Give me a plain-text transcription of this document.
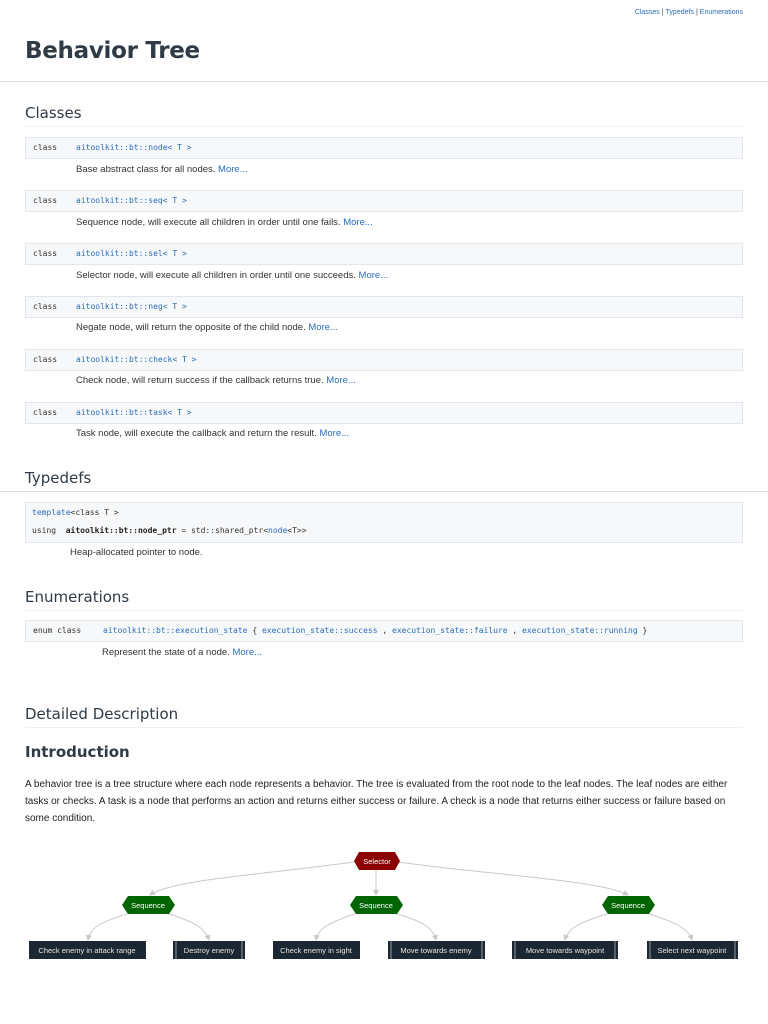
Classes | Typedefs | Enumerations
Behavior Tree
Classes
class aitoolkit::bt::node< T >
Base abstract class for all nodes. More...
class aitoolkit::bt::seq< T >
Sequence node, will execute all children in order until one fails. More...
class aitoolkit::bt::sel< T >
Selector node, will execute all children in order until one succeeds. More...
class aitoolkit::bt::neg< T >
Negate node, will return the opposite of the child node. More...
class aitoolkit::bt::check< T >
Check node, will return success if the callback returns true. More...
class aitoolkit::bt::task< T >
Task node, will execute the callback and return the result. More...
Typedefs
template<class T >
using aitoolkit::bt::node_ptr = std::shared_ptr<node<T>>
Heap-allocated pointer to node.
Enumerations
enum class	aitoolkit::bt::execution_state { execution_state::success , execution_state::failure , execution_state::running }
Represent the state of a node. More...
Detailed Description
Introduction

A behavior tree is a tree structure where each node represents a behavior. The tree is evaluated from the root node to the leaf nodes. The leaf nodes are either tasks or checks. A task is a node that performs an action and returns either success or failure. A check is a node that returns either success or failure based on some condition.

Selector
Sequence	Sequence	Sequence
Check enemy in attack range	Destroy enemy	Check enemy in sight	Move towards enemy	Move towards waypoint	Select next waypoint
